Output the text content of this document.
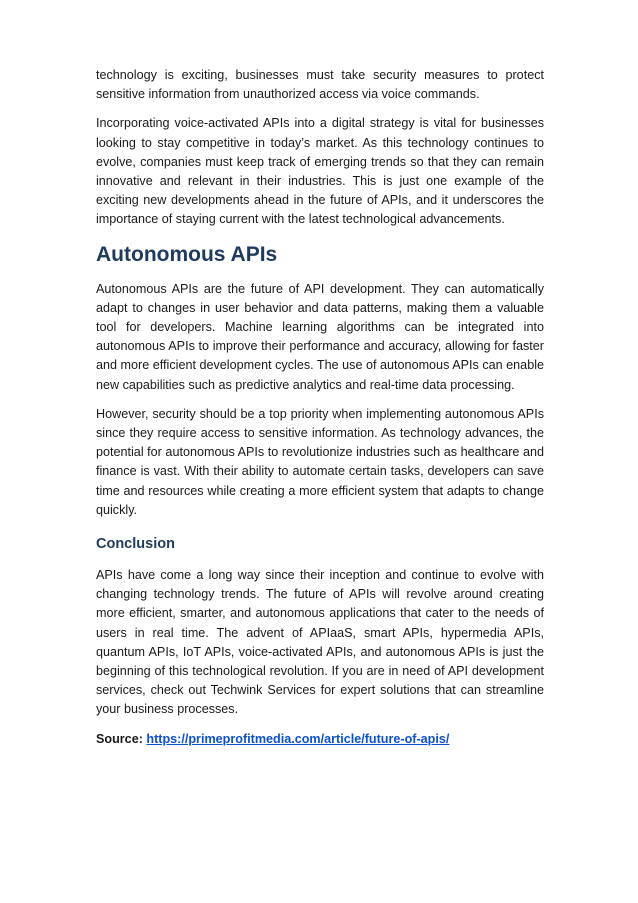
technology is exciting, businesses must take security measures to protect sensitive information from unauthorized access via voice commands.

Incorporating voice-activated APIs into a digital strategy is vital for businesses looking to stay competitive in today’s market. As this technology continues to evolve, companies must keep track of emerging trends so that they can remain innovative and relevant in their industries. This is just one example of the exciting new developments ahead in the future of APIs, and it underscores the importance of staying current with the latest technological advancements.

Autonomous APIs

Autonomous APIs are the future of API development. They can automatically adapt to changes in user behavior and data patterns, making them a valuable tool for developers. Machine learning algorithms can be integrated into autonomous APIs to improve their performance and accuracy, allowing for faster and more efficient development cycles. The use of autonomous APIs can enable new capabilities such as predictive analytics and real-time data processing.

However, security should be a top priority when implementing autonomous APIs since they require access to sensitive information. As technology advances, the potential for autonomous APIs to revolutionize industries such as healthcare and finance is vast. With their ability to automate certain tasks, developers can save time and resources while creating a more efficient system that adapts to change quickly.

Conclusion

APIs have come a long way since their inception and continue to evolve with changing technology trends. The future of APIs will revolve around creating more efficient, smarter, and autonomous applications that cater to the needs of users in real time. The advent of APIaaS, smart APIs, hypermedia APIs, quantum APIs, IoT APIs, voice-activated APIs, and autonomous APIs is just the beginning of this technological revolution. If you are in need of API development services, check out Techwink Services for expert solutions that can streamline your business processes.

Source: https://primeprofitmedia.com/article/future-of-apis/
